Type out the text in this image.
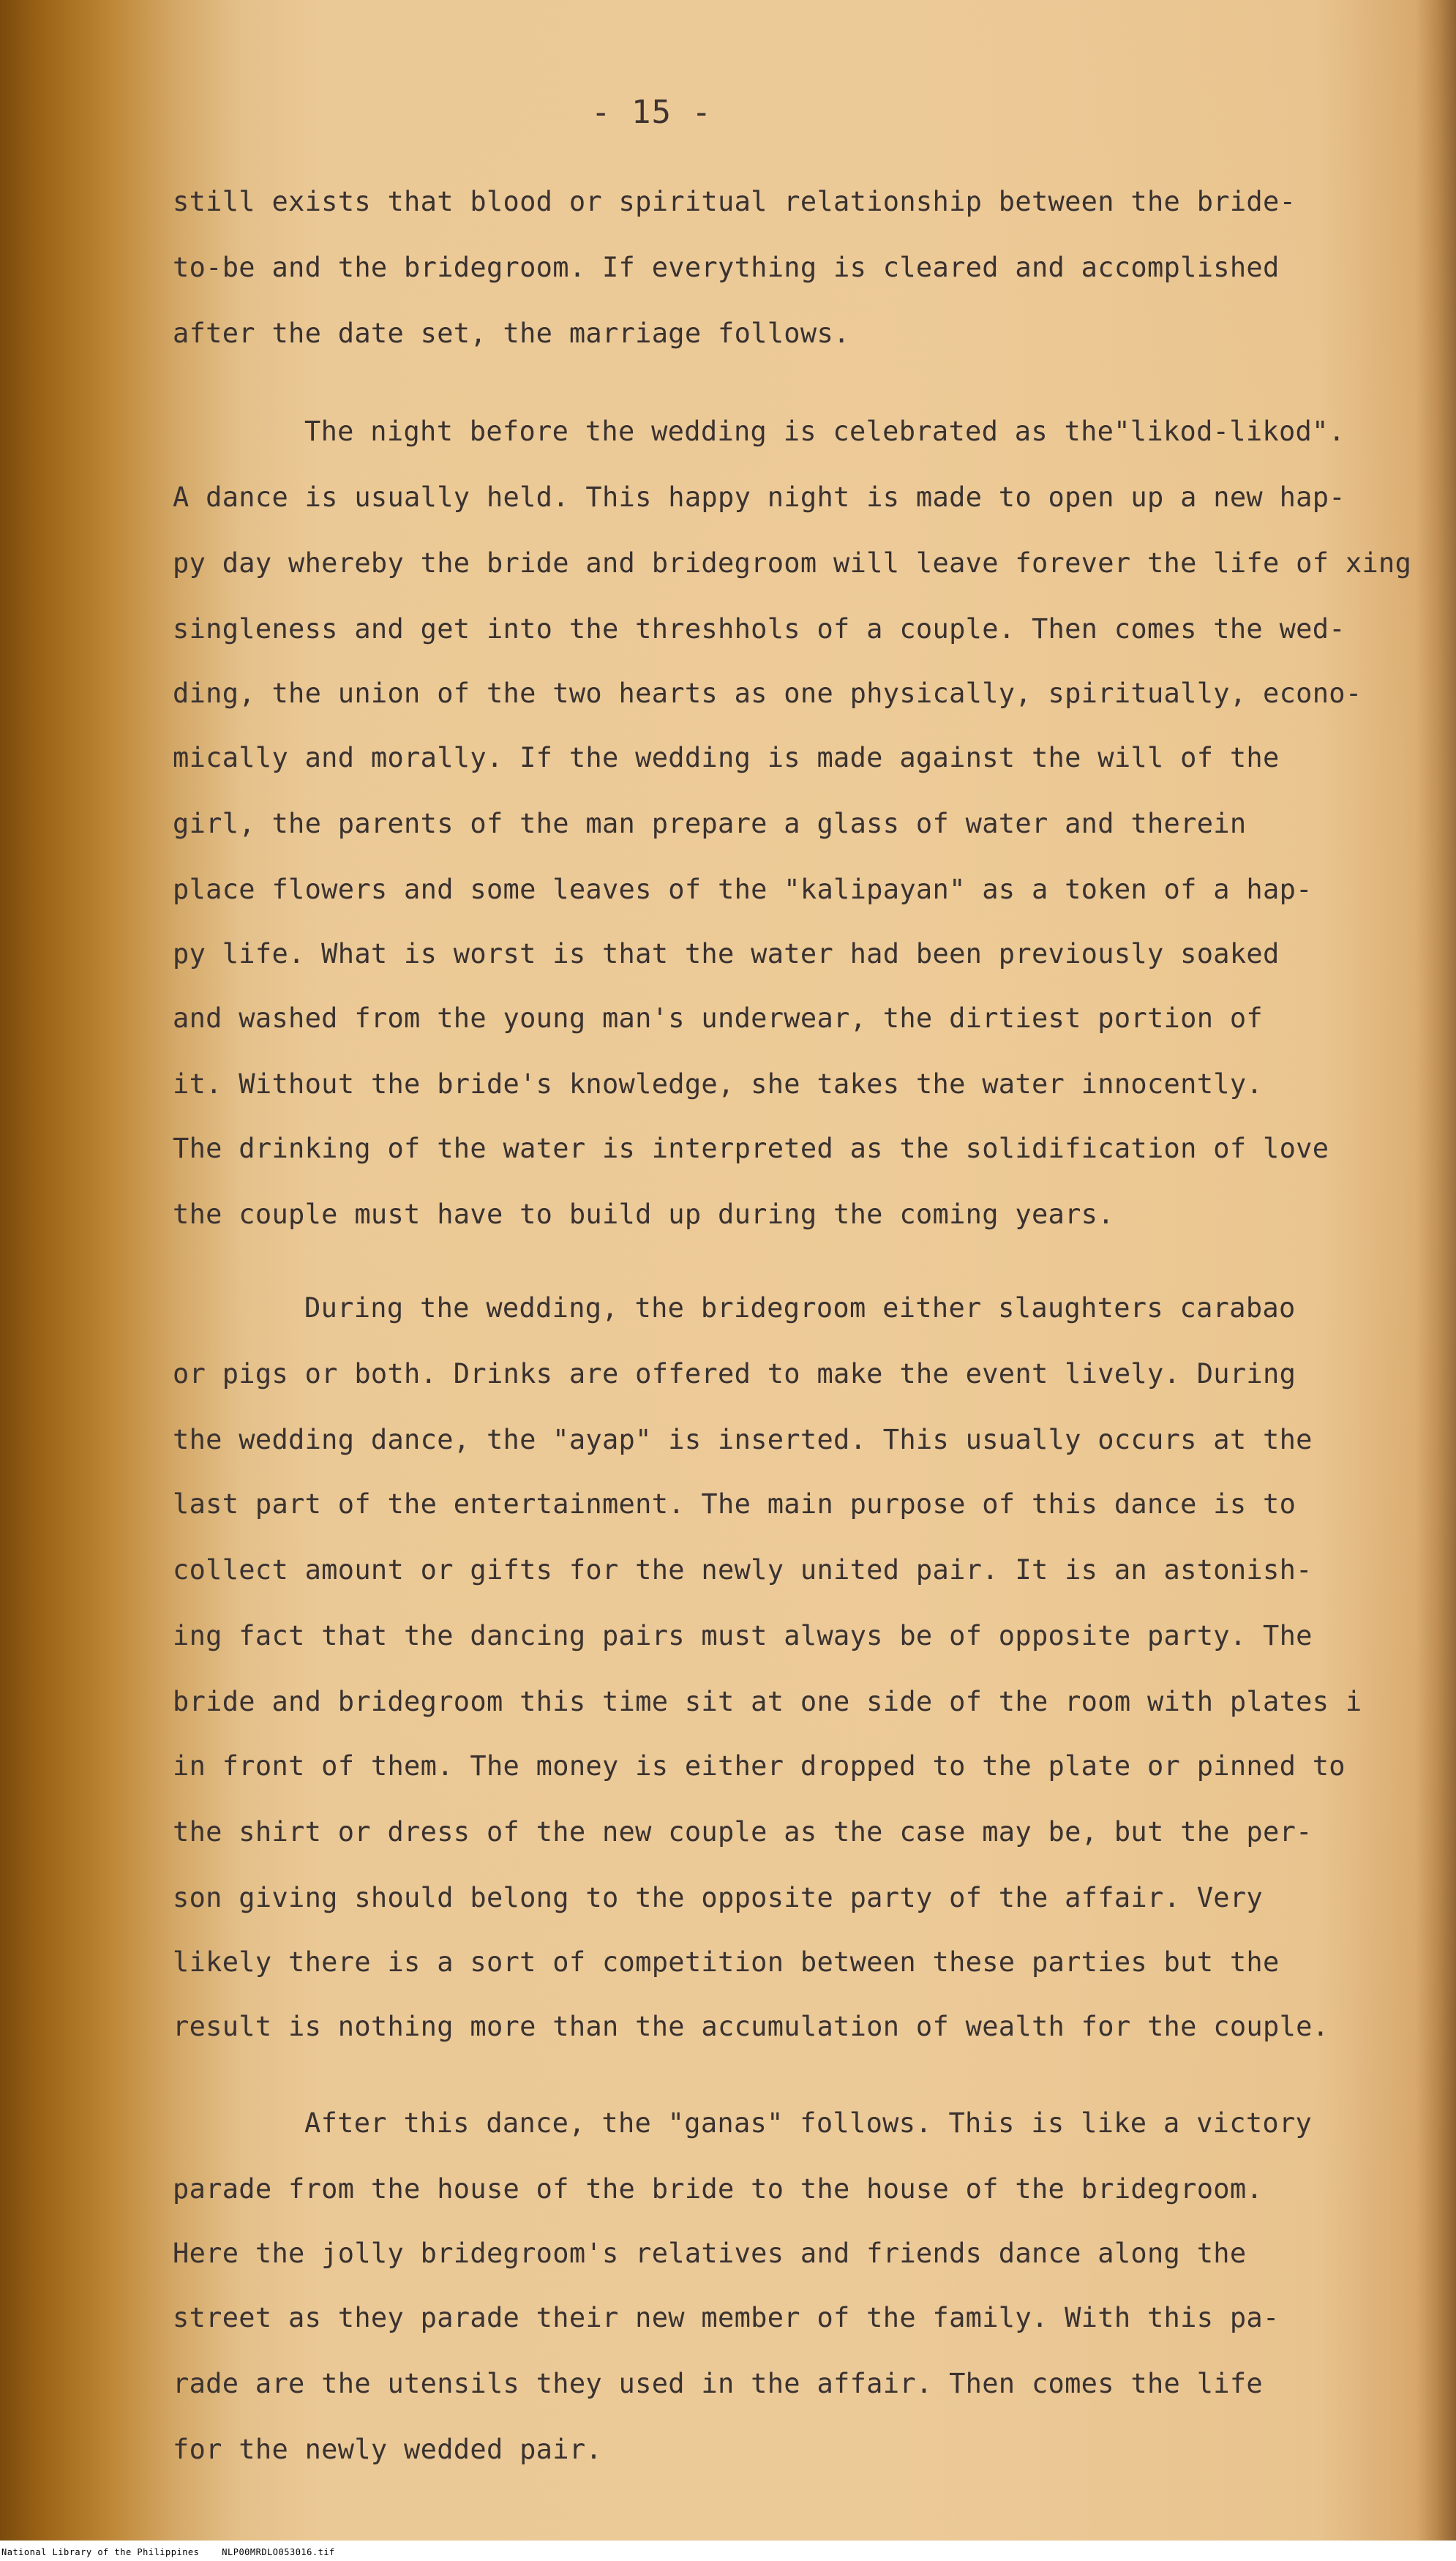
- 15 -
still exists that blood or spiritual relationship between the bride-
to-be and the bridegroom. If everything is cleared and accomplished
after the date set, the marriage follows.
The night before the wedding is celebrated as the"likod-likod".
A dance is usually held. This happy night is made to open up a new hap-
py day whereby the bride and bridegroom will leave forever the life of xing
singleness and get into the threshhols of a couple. Then comes the wed-
ding, the union of the two hearts as one physically, spiritually, econo-
mically and morally. If the wedding is made against the will of the
girl, the parents of the man prepare a glass of water and therein
place flowers and some leaves of the "kalipayan" as a token of a hap-
py life. What is worst is that the water had been previously soaked
and washed from the young man's underwear, the dirtiest portion of
it. Without the bride's knowledge, she takes the water innocently.
The drinking of the water is interpreted as the solidification of love
the couple must have to build up during the coming years.
During the wedding, the bridegroom either slaughters carabao
or pigs or both. Drinks are offered to make the event lively. During
the wedding dance, the "ayap" is inserted. This usually occurs at the
last part of the entertainment. The main purpose of this dance is to
collect amount or gifts for the newly united pair. It is an astonish-
ing fact that the dancing pairs must always be of opposite party. The
bride and bridegroom this time sit at one side of the room with plates i
in front of them. The money is either dropped to the plate or pinned to
the shirt or dress of the new couple as the case may be, but the per-
son giving should belong to the opposite party of the affair. Very
likely there is a sort of competition between these parties but the
result is nothing more than the accumulation of wealth for the couple.
After this dance, the "ganas" follows. This is like a victory
parade from the house of the bride to the house of the bridegroom.
Here the jolly bridegroom's relatives and friends dance along the
street as they parade their new member of the family. With this pa-
rade are the utensils they used in the affair. Then comes the life
for the newly wedded pair.
National Library of the Philippines	NLP00MRDLO053016.tif
